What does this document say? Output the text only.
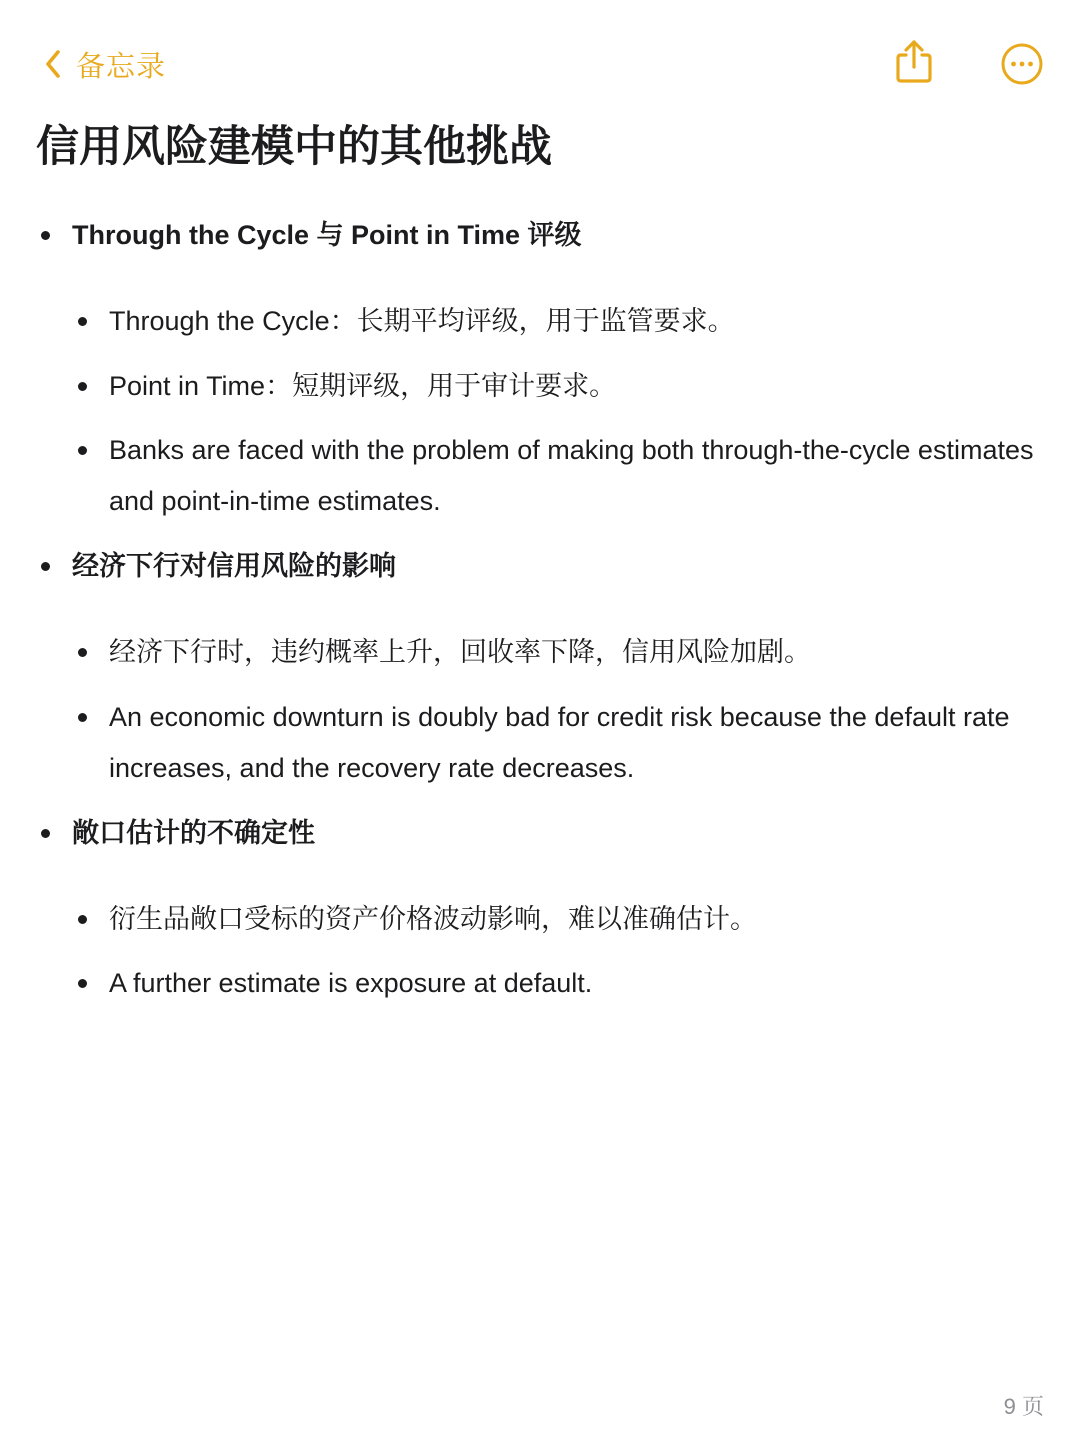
备忘录
信用风险建模中的其他挑战
Through the Cycle 与 Point in Time 评级
Through the Cycle：长期平均评级，用于监管要求。
Point in Time：短期评级，用于审计要求。
Banks are faced with the problem of making both through-the-cycle estimates and point-in-time estimates.
经济下行对信用风险的影响
经济下行时，违约概率上升，回收率下降，信用风险加剧。
An economic downturn is doubly bad for credit risk because the default rate increases, and the recovery rate decreases.
敞口估计的不确定性
衍生品敞口受标的资产价格波动影响，难以准确估计。
A further estimate is exposure at default.
9 页
